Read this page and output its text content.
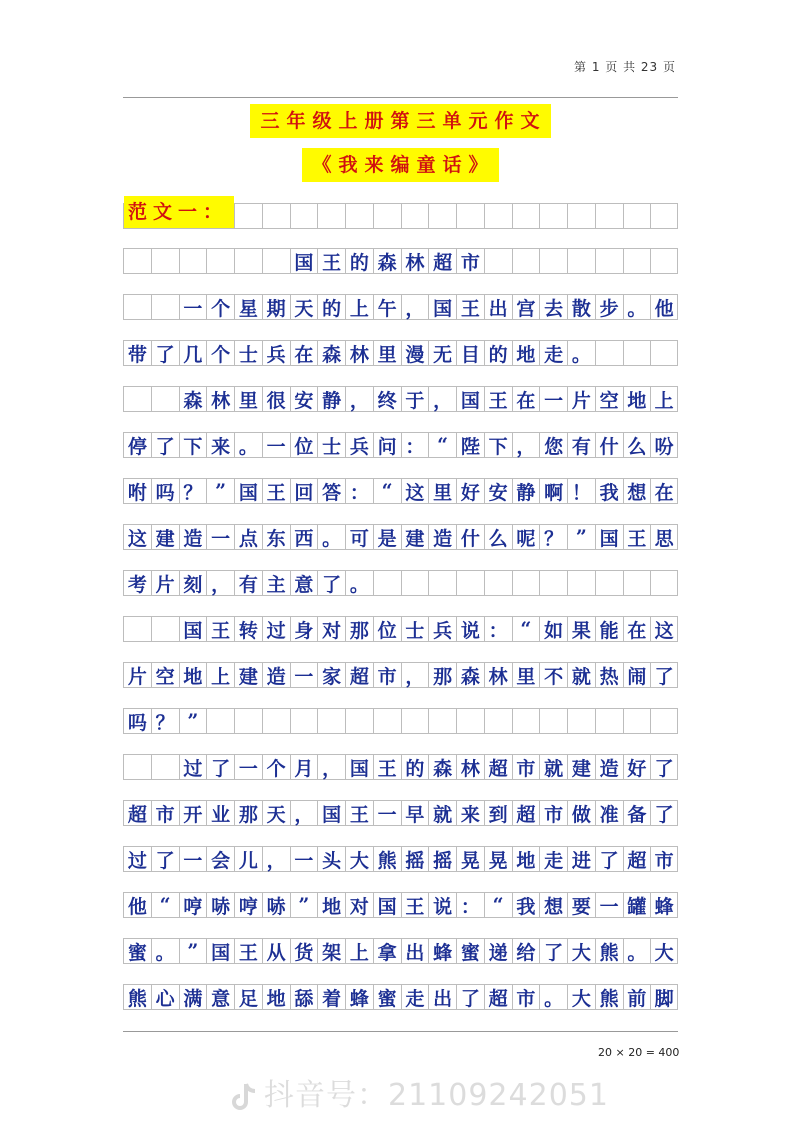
第 1 页 共 23 页
三年级上册第三单元作文
《我来编童话》
范文一：
国 王 的 森 林 超 市
一 个 星 期 天 的 上 午 ， 国 王 出 宫 去 散 步 。 他
带 了 几 个 士 兵 在 森 林 里 漫 无 目 的 地 走 。
森 林 里 很 安 静 ， 终 于 ， 国 王 在 一 片 空 地 上
停 了 下 来 。 一 位 士 兵 问 ： “ 陛 下 ， 您 有 什 么 吩
咐 吗 ？ ” 国 王 回 答 ： “ 这 里 好 安 静 啊 ！ 我 想 在
这 建 造 一 点 东 西 。 可 是 建 造 什 么 呢 ？ ” 国 王 思
考 片 刻 ， 有 主 意 了 。
国 王 转 过 身 对 那 位 士 兵 说 ： “ 如 果 能 在 这
片 空 地 上 建 造 一 家 超 市 ， 那 森 林 里 不 就 热 闹 了
吗 ？ ”
过 了 一 个 月 ， 国 王 的 森 林 超 市 就 建 造 好 了
超 市 开 业 那 天 ， 国 王 一 早 就 来 到 超 市 做 准 备 了
过 了 一 会 儿 ， 一 头 大 熊 摇 摇 晃 晃 地 走 进 了 超 市
他 “ 哼 哧 哼 哧 ” 地 对 国 王 说 ： “ 我 想 要 一 罐 蜂
蜜 。 ” 国 王 从 货 架 上 拿 出 蜂 蜜 递 给 了 大 熊 。 大
熊 心 满 意 足 地 舔 着 蜂 蜜 走 出 了 超 市 。 大 熊 前 脚
20 × 20 = 400
抖音号：21109242051
